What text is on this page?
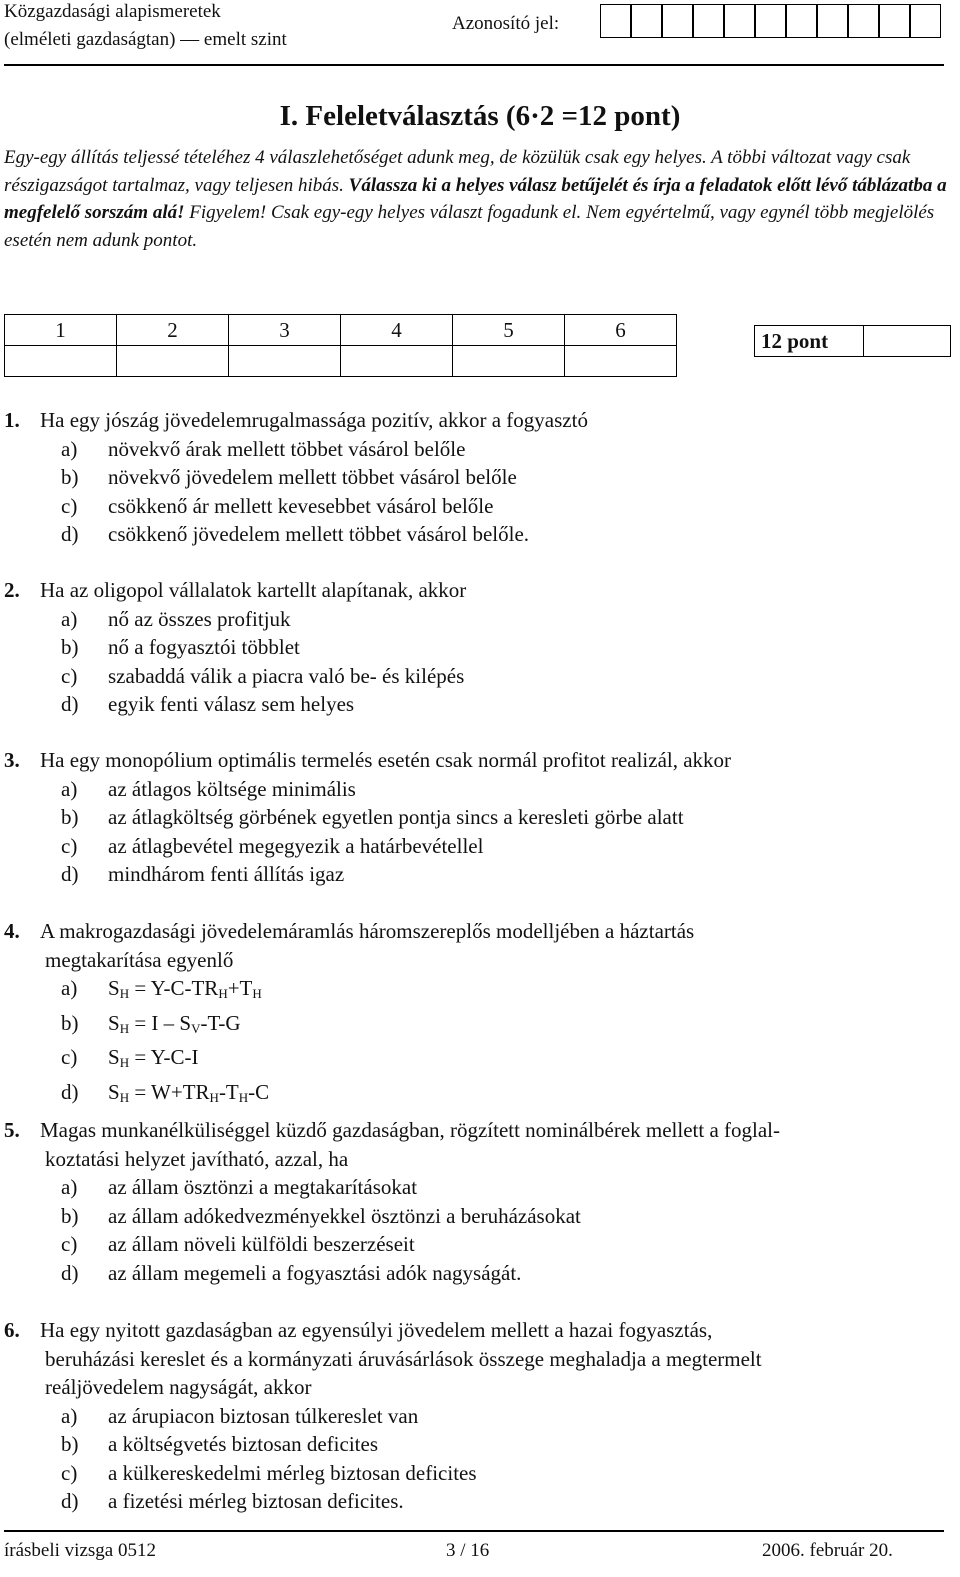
Közgazdasági alapismeretek
(elméleti gazdaságtan) — emelt szint
Azonosító jel:
I. Feleletválasztás (6·2 =12 pont)
Egy-egy állítás teljessé tételéhez 4 válaszlehetőséget adunk meg, de közülük csak egy helyes. A többi változat vagy csak részigazságot tartalmaz, vagy teljesen hibás. Válassza ki a helyes válasz betűjelét és írja a feladatok előtt lévő táblázatba a megfelelő sorszám alá! Figyelem! Csak egy-egy helyes választ fogadunk el. Nem egyértelmű, vagy egynél több megjelölés esetén nem adunk pontot.
1	2	3	4	5	6
						12 pont	
1. Ha egy jószág jövedelemrugalmassága pozitív, akkor a fogyasztó
a)	növekvő árak mellett többet vásárol belőle
b)	növekvő jövedelem mellett többet vásárol belőle
c)	csökkenő ár mellett kevesebbet vásárol belőle
d)	csökkenő jövedelem mellett többet vásárol belőle.
2. Ha az oligopol vállalatok kartellt alapítanak, akkor
a)	nő az összes profitjuk
b)	nő a fogyasztói többlet
c)	szabaddá válik a piacra való be- és kilépés
d)	egyik fenti válasz sem helyes
3. Ha egy monopólium optimális termelés esetén csak normál profitot realizál, akkor
a)	az átlagos költsége minimális
b)	az átlagköltség görbének egyetlen pontja sincs a keresleti görbe alatt
c)	az átlagbevétel megegyezik a határbevétellel
d)	mindhárom fenti állítás igaz
4. A makrogazdasági jövedelemáramlás háromszereplős modelljében a háztartás
megtakarítása egyenlő
a)	$S_H = Y-C-TR_H+T_H$
b)	$S_H = I - S_V-T-G$
c)	$S_H = Y-C-I$
d)	$S_H = W+TR_H-T_H-C$
5. Magas munkanélküliséggel küzdő gazdaságban, rögzített nominálbérek mellett a foglal-
koztatási helyzet javítható, azzal, ha
a)	az állam ösztönzi a megtakarításokat
b)	az állam adókedvezményekkel ösztönzi a beruházásokat
c)	az állam növeli külföldi beszerzéseit
d)	az állam megemeli a fogyasztási adók nagyságát.
6. Ha egy nyitott gazdaságban az egyensúlyi jövedelem mellett a hazai fogyasztás,
beruházási kereslet és a kormányzati áruvásárlások összege meghaladja a megtermelt
reáljövedelem nagyságát, akkor
a)	az árupiacon biztosan túlkereslet van
b)	a költségvetés biztosan deficites
c)	a külkereskedelmi mérleg biztosan deficites
d)	a fizetési mérleg biztosan deficites.
írásbeli vizsga 0512	3 / 16	2006. február 20.
